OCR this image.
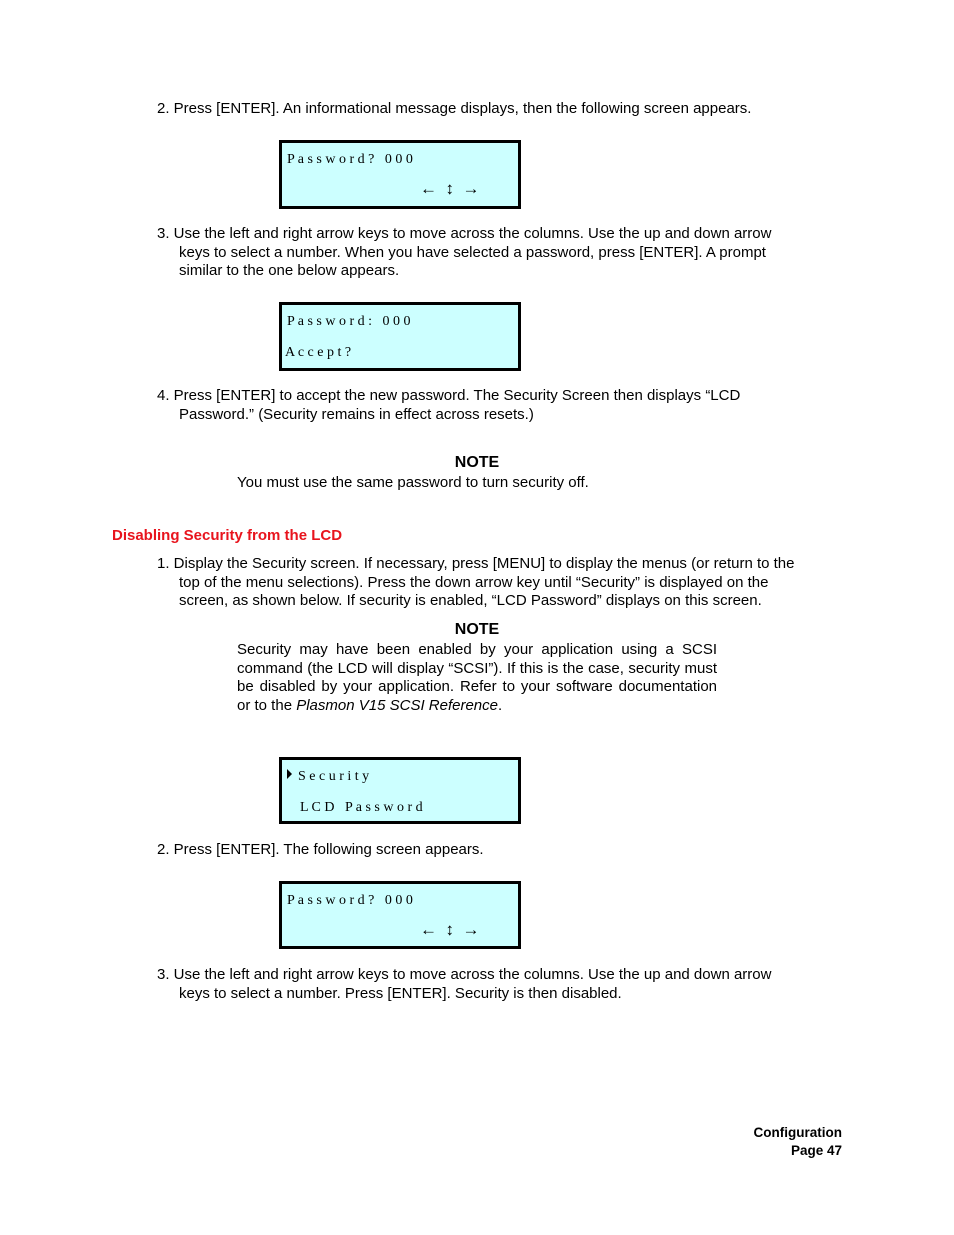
2. Press [ENTER]. An informational message displays, then the following screen appears.
P a s s w o r d ?   0 0 0
←  ↕  →
3. Use the left and right arrow keys to move across the columns. Use the up and down arrow
keys to select a number. When you have selected a password, press [ENTER]. A prompt
similar to the one below appears.
P a s s w o r d :   0 0 0
A c c e p t ?
4. Press [ENTER] to accept the new password. The Security Screen then displays “LCD
Password.” (Security remains in effect across resets.)
NOTE
You must use the same password to turn security off.
Disabling Security from the LCD
1. Display the Security screen. If necessary, press [MENU] to display the menus (or return to the
top of the menu selections). Press the down arrow key until “Security” is displayed on the
screen, as shown below. If security is enabled, “LCD Password” displays on this screen.
NOTE
Security may have been enabled by your application using a SCSI command (the LCD will display “SCSI”). If this is the case, security must be disabled by your application. Refer to your software documentation or to the Plasmon V15 SCSI Reference.
S e c u r i t y
L C D   P a s s w o r d
2. Press [ENTER]. The following screen appears.
P a s s w o r d ?   0 0 0
←  ↕  →
3. Use the left and right arrow keys to move across the columns. Use the up and down arrow
keys to select a number. Press [ENTER]. Security is then disabled.
Configuration
Page 47
